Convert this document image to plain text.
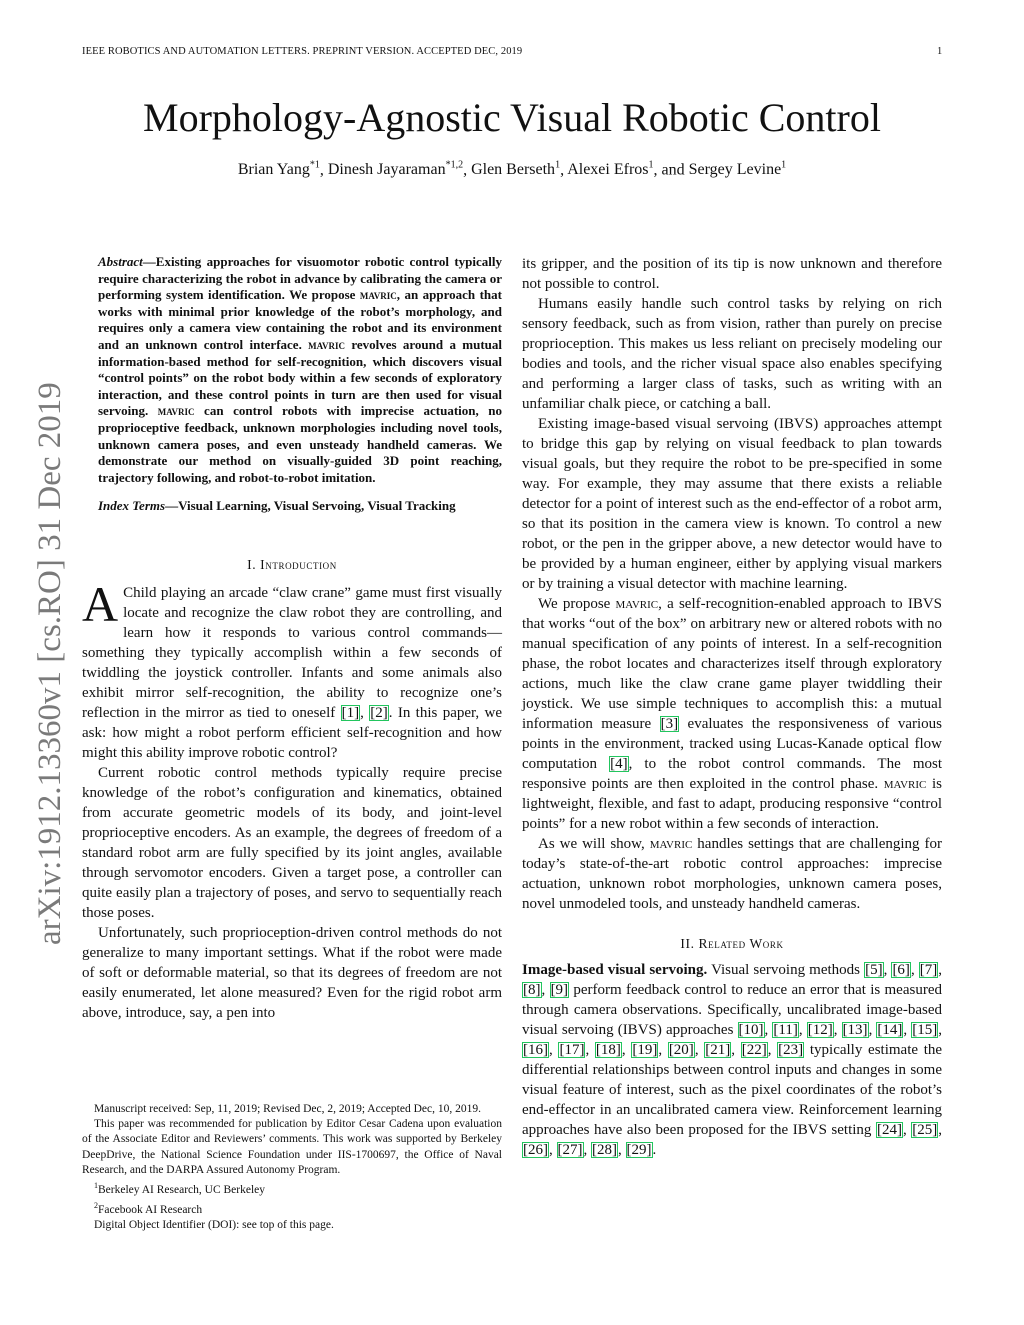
IEEE ROBOTICS AND AUTOMATION LETTERS. PREPRINT VERSION. ACCEPTED DEC, 2019	1
Morphology-Agnostic Visual Robotic Control
Brian Yang$^{*1}$, Dinesh Jayaraman$^{*1,2}$, Glen Berseth$^1$, Alexei Efros$^1$, and Sergey Levine$^1$
arXiv:1912.13360v1 [cs.RO] 31 Dec 2019
Abstract—Existing approaches for visuomotor robotic control typically require characterizing the robot in advance by calibrating the camera or performing system identification. We propose mavric, an approach that works with minimal prior knowledge of the robot’s morphology, and requires only a camera view containing the robot and its environment and an unknown control interface. mavric revolves around a mutual information-based method for self-recognition, which discovers visual “control points” on the robot body within a few seconds of exploratory interaction, and these control points in turn are then used for visual servoing. mavric can control robots with imprecise actuation, no proprioceptive feedback, unknown morphologies including novel tools, unknown camera poses, and even unsteady handheld cameras. We demonstrate our method on visually-guided 3D point reaching, trajectory following, and robot-to-robot imitation.
Index Terms—Visual Learning, Visual Servoing, Visual Tracking
I. Introduction

A Child playing an arcade “claw crane” game must first visually locate and recognize the claw robot they are controlling, and learn how it responds to various control commands—something they typically accomplish within a few seconds of twiddling the joystick controller. Infants and some animals also exhibit mirror self-recognition, the ability to recognize one’s reflection in the mirror as tied to oneself [1], [2]. In this paper, we ask: how might a robot perform efficient self-recognition and how might this ability improve robotic control?

Current robotic control methods typically require precise knowledge of the robot’s configuration and kinematics, obtained from accurate geometric models of its body, and joint-level proprioceptive encoders. As an example, the degrees of freedom of a standard robot arm are fully specified by its joint angles, available through servomotor encoders. Given a target pose, a controller can quite easily plan a trajectory of poses, and servo to sequentially reach those poses.

Unfortunately, such proprioception-driven control methods do not generalize to many important settings. What if the robot were made of soft or deformable material, so that its degrees of freedom are not easily enumerated, let alone measured? Even for the rigid robot arm above, introduce, say, a pen into

its gripper, and the position of its tip is now unknown and therefore not possible to control.

Humans easily handle such control tasks by relying on rich sensory feedback, such as from vision, rather than purely on precise proprioception. This makes us less reliant on precisely modeling our bodies and tools, and the richer visual space also enables specifying and performing a larger class of tasks, such as writing with an unfamiliar chalk piece, or catching a ball.

Existing image-based visual servoing (IBVS) approaches attempt to bridge this gap by relying on visual feedback to plan towards visual goals, but they require the robot to be pre-specified in some way. For example, they may assume that there exists a reliable detector for a point of interest such as the end-effector of a robot arm, so that its position in the camera view is known. To control a new robot, or the pen in the gripper above, a new detector would have to be provided by a human engineer, either by applying visual markers or by training a visual detector with machine learning.

We propose mavric, a self-recognition-enabled approach to IBVS that works “out of the box” on arbitrary new or altered robots with no manual specification of any points of interest. In a self-recognition phase, the robot locates and characterizes itself through exploratory actions, much like the claw crane game player twiddling their joystick. We use simple techniques to accomplish this: a mutual information measure [3] evaluates the responsiveness of various points in the environment, tracked using Lucas-Kanade optical flow computation [4], to the robot control commands. The most responsive points are then exploited in the control phase. mavric is lightweight, flexible, and fast to adapt, producing responsive “control points” for a new robot within a few seconds of interaction.

As we will show, mavric handles settings that are challenging for today’s state-of-the-art robotic control approaches: imprecise actuation, unknown robot morphologies, unknown camera poses, novel unmodeled tools, and unsteady handheld cameras.

II. Related Work

Image-based visual servoing. Visual servoing methods [5], [6], [7], [8], [9] perform feedback control to reduce an error that is measured through camera observations. Specifically, uncalibrated image-based visual servoing (IBVS) approaches [10], [11], [12], [13], [14], [15], [16], [17], [18], [19], [20], [21], [22], [23] typically estimate the differential relationships between control inputs and changes in some visual feature of interest, such as the pixel coordinates of the robot’s end-effector in an uncalibrated camera view. Reinforcement learning approaches have also been proposed for the IBVS setting [24], [25], [26], [27], [28], [29].

Manuscript received: Sep, 11, 2019; Revised Dec, 2, 2019; Accepted Dec, 10, 2019.
This paper was recommended for publication by Editor Cesar Cadena upon evaluation of the Associate Editor and Reviewers’ comments. This work was supported by Berkeley DeepDrive, the National Science Foundation under IIS-1700697, the Office of Naval Research, and the DARPA Assured Autonomy Program.
$^1$Berkeley AI Research, UC Berkeley
$^2$Facebook AI Research
Digital Object Identifier (DOI): see top of this page.
